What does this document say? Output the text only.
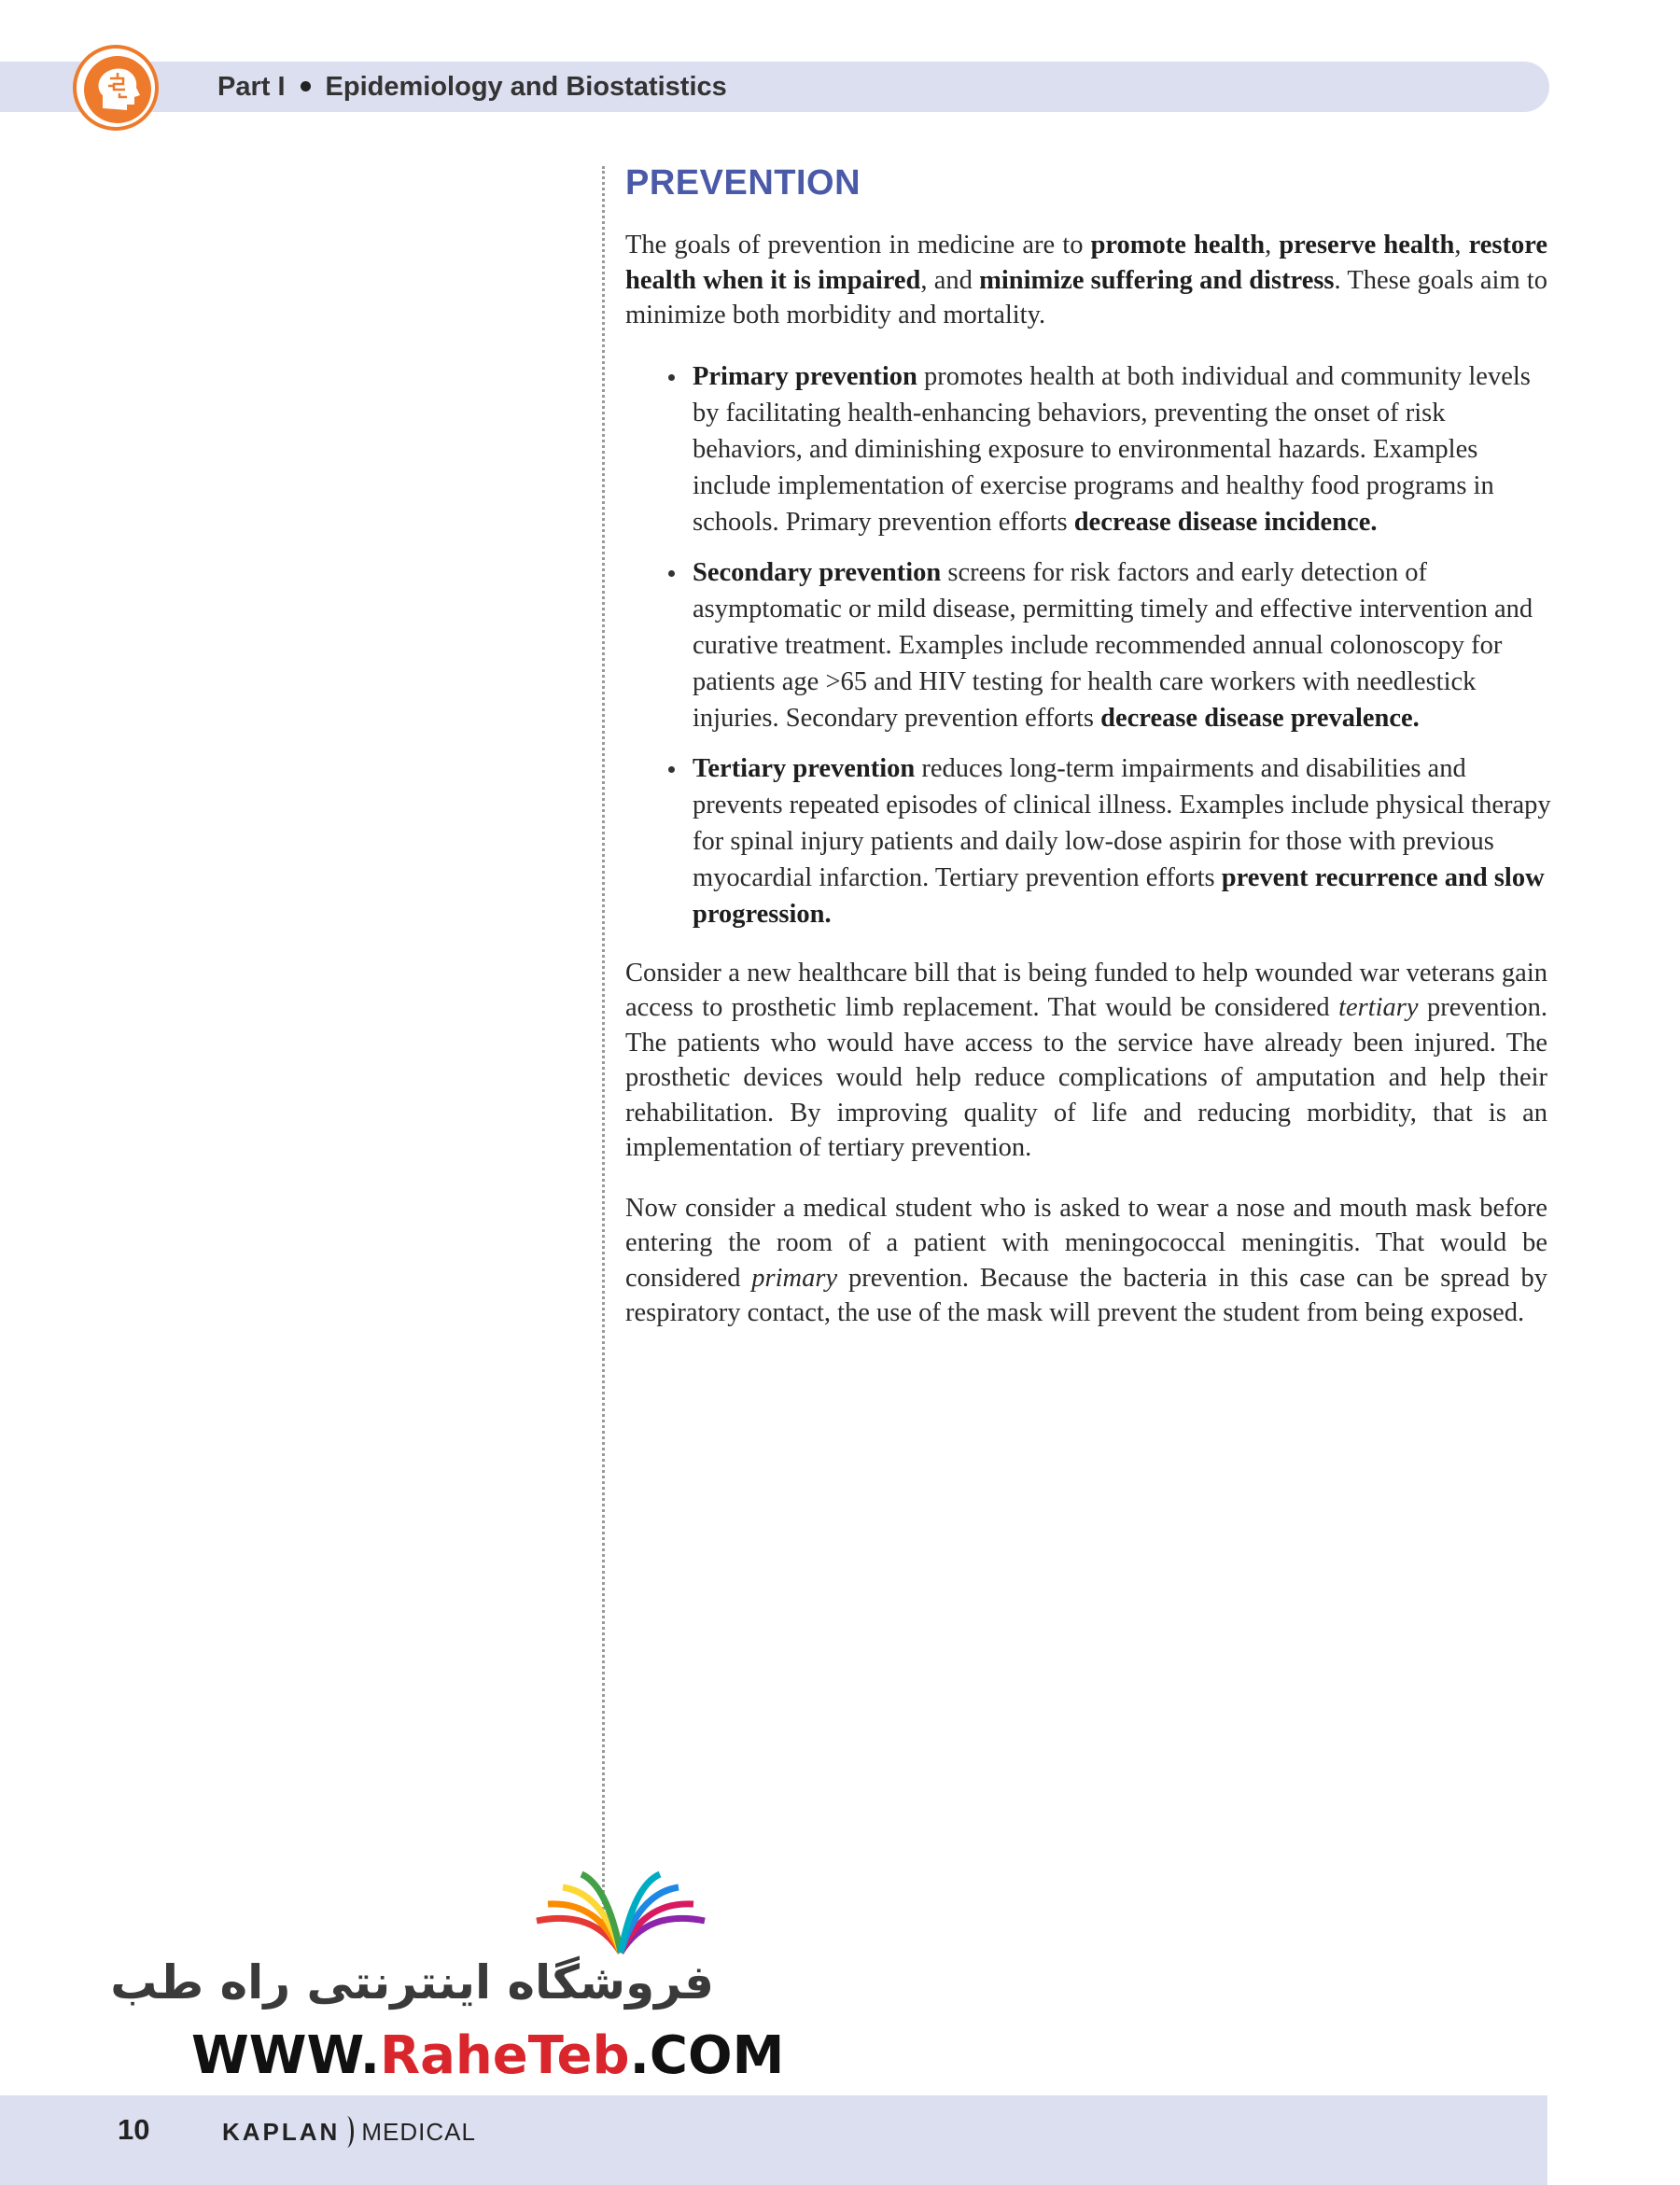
Part I Epidemiology and Biostatistics
PREVENTION

The goals of prevention in medicine are to promote health, preserve health, restore health when it is impaired, and minimize suffering and distress. These goals aim to minimize both morbidity and mortality.

Primary prevention promotes health at both individual and community levels by facilitating health-enhancing behaviors, preventing the onset of risk behaviors, and diminishing exposure to environmental hazards. Examples include implementation of exercise programs and healthy food programs in schools. Primary prevention efforts decrease disease incidence.
Secondary prevention screens for risk factors and early detection of asymptomatic or mild disease, permitting timely and effective intervention and curative treatment. Examples include recommended annual colonoscopy for patients age >65 and HIV testing for health care workers with needlestick injuries. Secondary prevention efforts decrease disease prevalence.
Tertiary prevention reduces long-term impairments and disabilities and prevents repeated episodes of clinical illness. Examples include physical therapy for spinal injury patients and daily low-dose aspirin for those with previous myocardial infarction. Tertiary prevention efforts prevent recurrence and slow progression.

Consider a new healthcare bill that is being funded to help wounded war veterans gain access to prosthetic limb replacement. That would be considered tertiary prevention. The patients who would have access to the service have already been injured. The prosthetic devices would help reduce complications of amputation and help their rehabilitation. By improving quality of life and reducing morbidity, that is an implementation of tertiary prevention.

Now consider a medical student who is asked to wear a nose and mouth mask before entering the room of a patient with meningococcal meningitis. That would be considered primary prevention. Because the bacteria in this case can be spread by respiratory contact, the use of the mask will prevent the student from being exposed.

فروشگاه اینترنتی راه طب
WWW.RaheTeb.COM
10	KAPLAN MEDICAL
